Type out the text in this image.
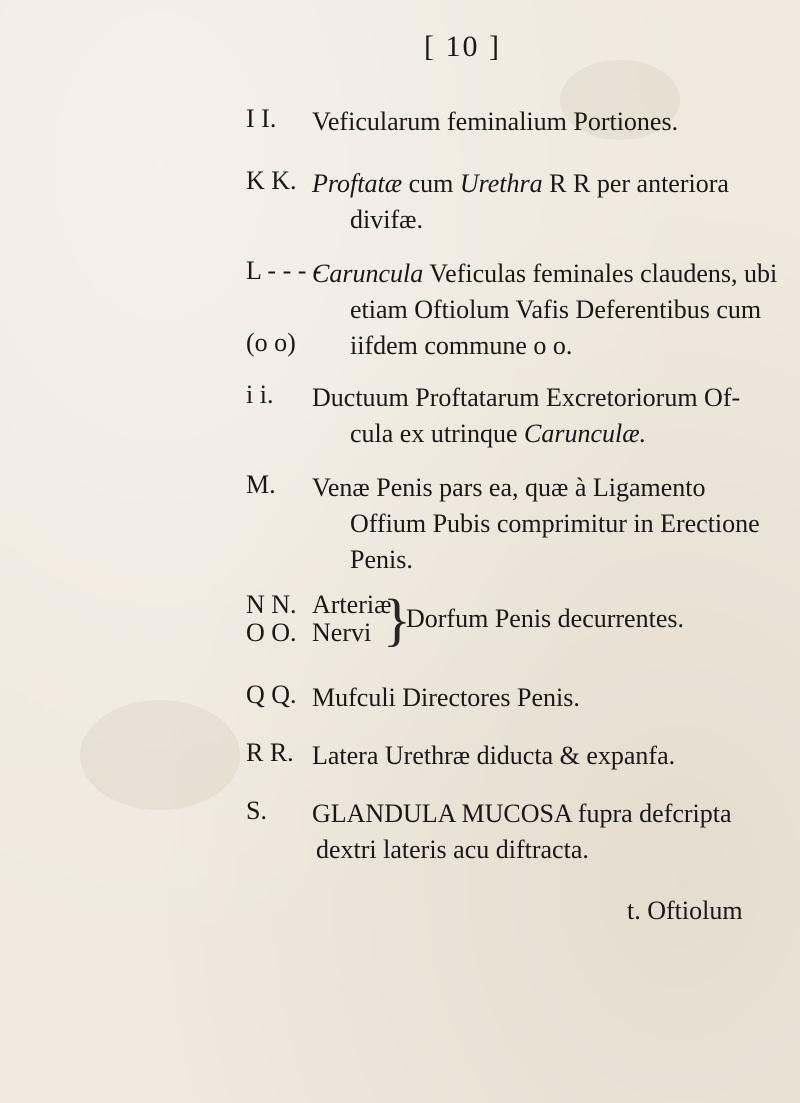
[ 10 ]
I I. Veficularum feminalium Portiones.
K K. Proftatæ cum Urethra R R per anteriora
divifæ.
L - - - -
(o o)
Caruncula Veficulas feminales claudens, ubi
etiam Oftiolum Vafis Deferentibus cum
iifdem commune o o.
i i. Ductuum Proftatarum Excretoriorum Of-
cula ex utrinque Carunculæ.
M. Venæ Penis pars ea, quæ à Ligamento
Offium Pubis comprimitur in Erectione
Penis.
N N.
O O.
Arteriæ
Nervi }
Dorfum Penis decurrentes.
Q Q. Mufculi Directores Penis.
R R. Latera Urethræ diducta & expanfa.
S. GLANDULA MUCOSA fupra defcripta
dextri lateris acu diftracta.
t. Oftiolum
